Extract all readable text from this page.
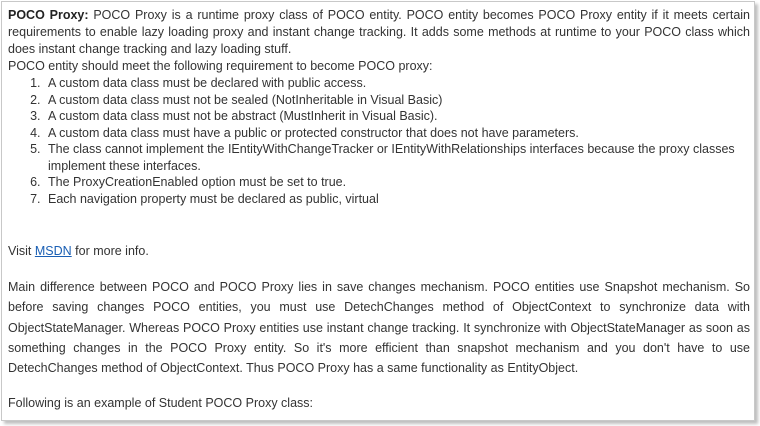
POCO Proxy: POCO Proxy is a runtime proxy class of POCO entity. POCO entity becomes POCO Proxy entity if it meets certain requirements to enable lazy loading proxy and instant change tracking. It adds some methods at runtime to your POCO class which does instant change tracking and lazy loading stuff.

POCO entity should meet the following requirement to become POCO proxy:

1. A custom data class must be declared with public access.
2. A custom data class must not be sealed (NotInheritable in Visual Basic)
3. A custom data class must not be abstract (MustInherit in Visual Basic).
4. A custom data class must have a public or protected constructor that does not have parameters.
5. The class cannot implement the IEntityWithChangeTracker or IEntityWithRelationships interfaces because the proxy classes implement these interfaces.
6. The ProxyCreationEnabled option must be set to true.
7. Each navigation property must be declared as public, virtual

Visit MSDN for more info.

Main difference between POCO and POCO Proxy lies in save changes mechanism. POCO entities use Snapshot mechanism. So before saving changes POCO entities, you must use DetechChanges method of ObjectContext to synchronize data with ObjectStateManager. Whereas POCO Proxy entities use instant change tracking. It synchronize with ObjectStateManager as soon as something changes in the POCO Proxy entity. So it's more efficient than snapshot mechanism and you don't have to use DetechChanges method of ObjectContext. Thus POCO Proxy has a same functionality as EntityObject.

Following is an example of Student POCO Proxy class:
